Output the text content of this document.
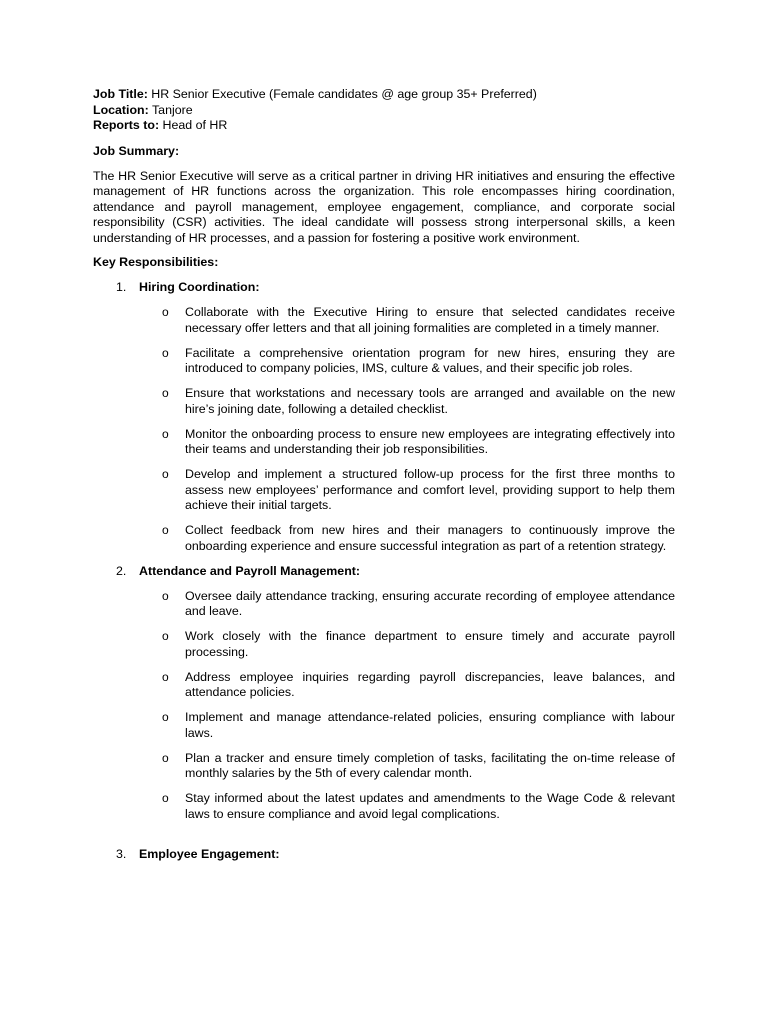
Job Title: HR Senior Executive (Female candidates @ age group 35+ Preferred)

Location: Tanjore

Reports to: Head of HR

Job Summary:

The HR Senior Executive will serve as a critical partner in driving HR initiatives and ensuring the effective management of HR functions across the organization. This role encompasses hiring coordination, attendance and payroll management, employee engagement, compliance, and corporate social responsibility (CSR) activities. The ideal candidate will possess strong interpersonal skills, a keen understanding of HR processes, and a passion for fostering a positive work environment.

Key Responsibilities:

1.	Hiring Coordination:
o Collaborate with the Executive Hiring to ensure that selected candidates receive necessary offer letters and that all joining formalities are completed in a timely manner.
o Facilitate a comprehensive orientation program for new hires, ensuring they are introduced to company policies, IMS, culture & values, and their specific job roles.
o Ensure that workstations and necessary tools are arranged and available on the new hire’s joining date, following a detailed checklist.
o Monitor the onboarding process to ensure new employees are integrating effectively into their teams and understanding their job responsibilities.
o Develop and implement a structured follow-up process for the first three months to assess new employees’ performance and comfort level, providing support to help them achieve their initial targets.
o Collect feedback from new hires and their managers to continuously improve the onboarding experience and ensure successful integration as part of a retention strategy.
2.	Attendance and Payroll Management:
o Oversee daily attendance tracking, ensuring accurate recording of employee attendance and leave.
o Work closely with the finance department to ensure timely and accurate payroll processing.
o Address employee inquiries regarding payroll discrepancies, leave balances, and attendance policies.
o Implement and manage attendance-related policies, ensuring compliance with labour laws.
o Plan a tracker and ensure timely completion of tasks, facilitating the on-time release of monthly salaries by the 5th of every calendar month.
o Stay informed about the latest updates and amendments to the Wage Code & relevant laws to ensure compliance and avoid legal complications.
3.	Employee Engagement:
